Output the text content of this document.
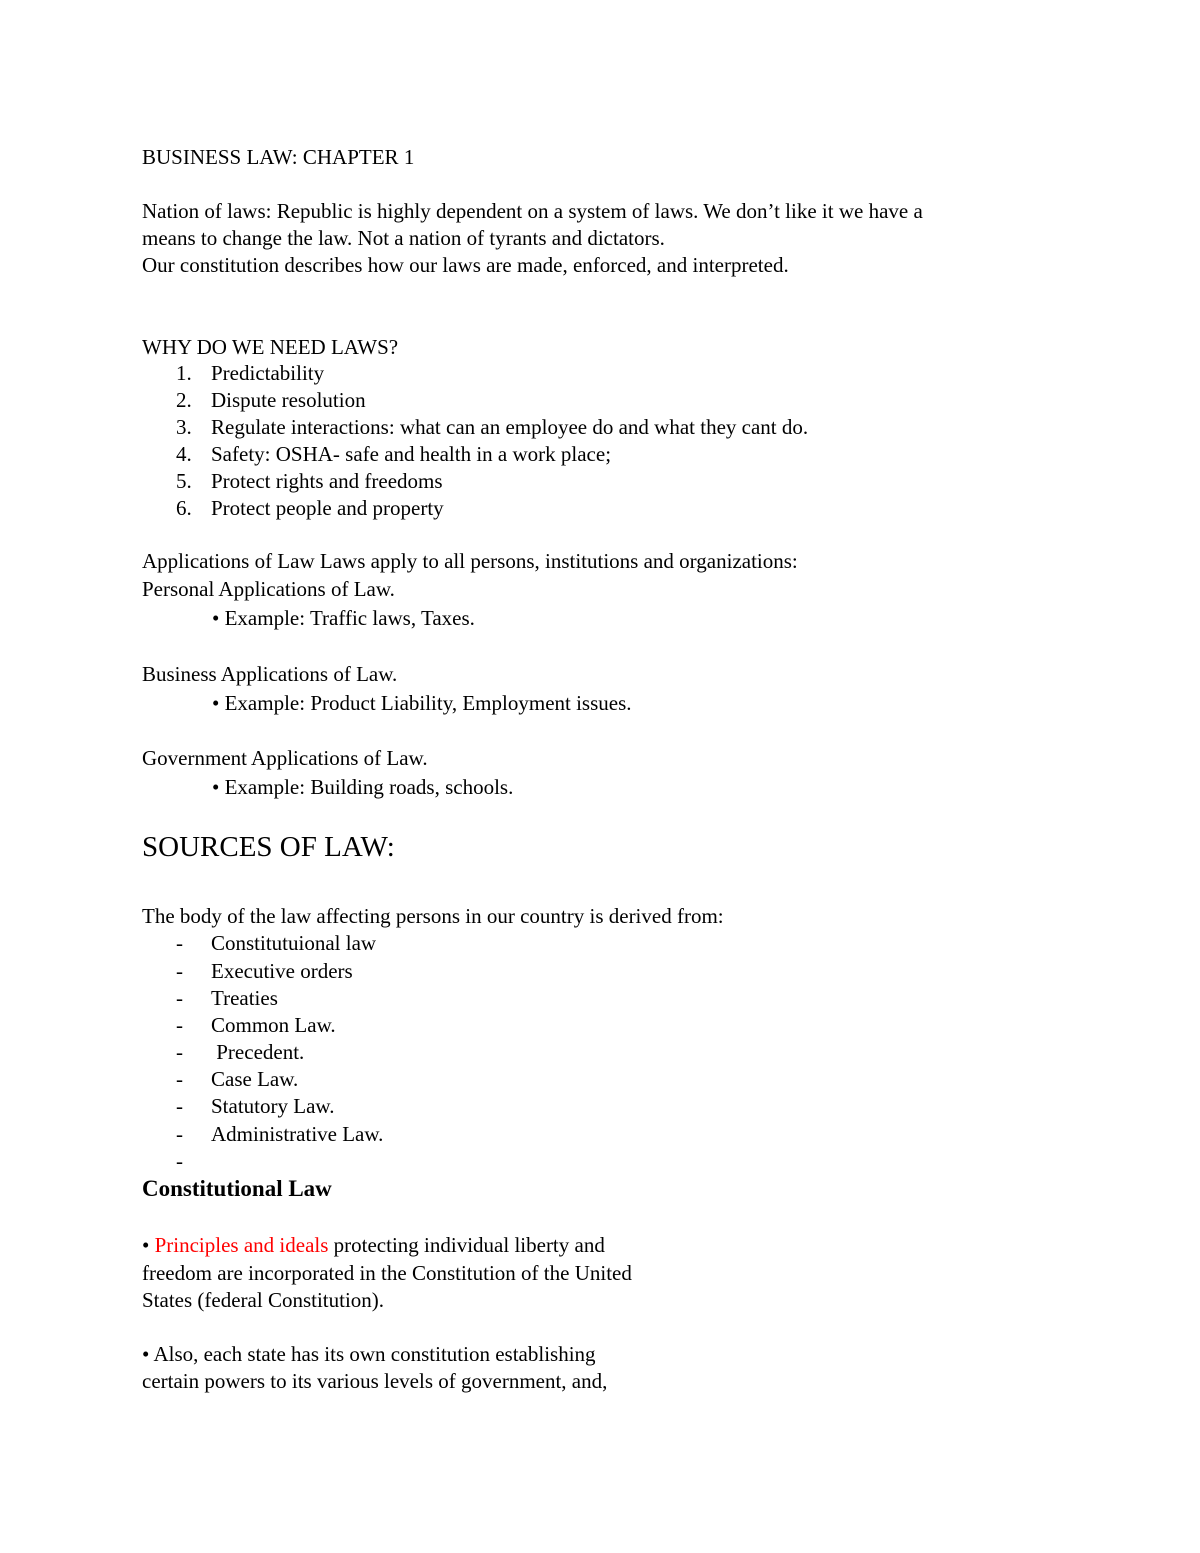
BUSINESS LAW: CHAPTER 1
Nation of laws: Republic is highly dependent on a system of laws. We don’t like it we have a
means to change the law. Not a nation of tyrants and dictators.
Our constitution describes how our laws are made, enforced, and interpreted.
WHY DO WE NEED LAWS?
1. Predictability
2. Dispute resolution
3. Regulate interactions: what can an employee do and what they cant do.
4. Safety: OSHA- safe and health in a work place;
5. Protect rights and freedoms
6. Protect people and property
Applications of Law Laws apply to all persons, institutions and organizations:
Personal Applications of Law.
• Example: Traffic laws, Taxes.
Business Applications of Law.
• Example: Product Liability, Employment issues.
Government Applications of Law.
• Example: Building roads, schools.
SOURCES OF LAW:
The body of the law affecting persons in our country is derived from:
- Constitutuional law
- Executive orders
- Treaties
- Common Law.
- Precedent.
- Case Law.
- Statutory Law.
- Administrative Law.
-
Constitutional Law
• Principles and ideals protecting individual liberty and
freedom are incorporated in the Constitution of the United
States (federal Constitution).
• Also, each state has its own constitution establishing
certain powers to its various levels of government, and,
